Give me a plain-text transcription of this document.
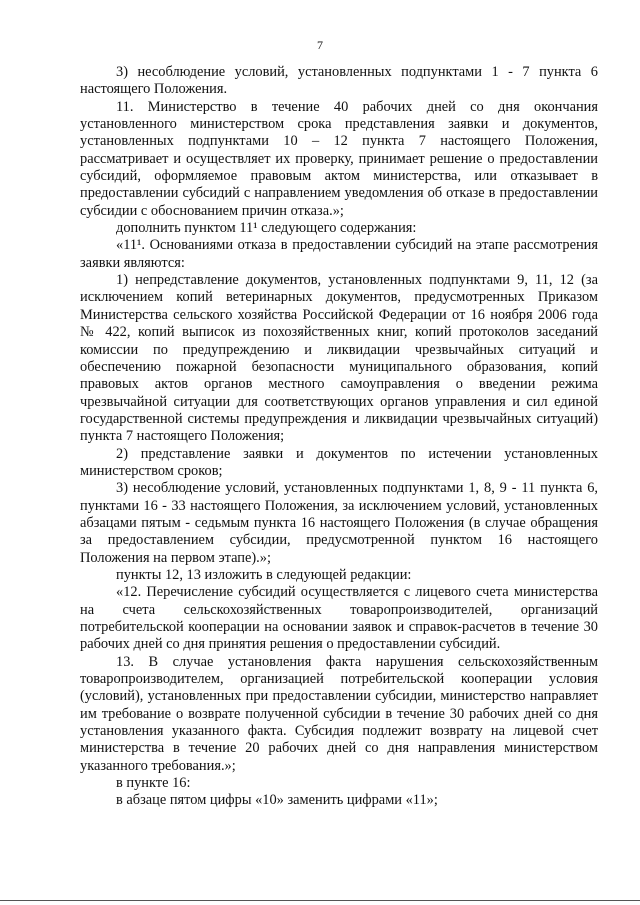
7

3) несоблюдение условий, установленных подпунктами 1 - 7 пункта 6 настоящего Положения.

11. Министерство в течение 40 рабочих дней со дня окончания установленного министерством срока представления заявки и документов, установленных подпунктами 10 – 12 пункта 7 настоящего Положения, рассматривает и осуществляет их проверку, принимает решение о предоставлении субсидий, оформляемое правовым актом министерства, или отказывает в предоставлении субсидий с направлением уведомления об отказе в предоставлении субсидии с обоснованием причин отказа.»;

дополнить пунктом 11¹ следующего содержания:

«11¹. Основаниями отказа в предоставлении субсидий на этапе рассмотрения заявки являются:

1) непредставление документов, установленных подпунктами 9, 11, 12 (за исключением копий ветеринарных документов, предусмотренных Приказом Министерства сельского хозяйства Российской Федерации от 16 ноября 2006 года № 422, копий выписок из похозяйственных книг, копий протоколов заседаний комиссии по предупреждению и ликвидации чрезвычайных ситуаций и обеспечению пожарной безопасности муниципального образования, копий правовых актов органов местного самоуправления о введении режима чрезвычайной ситуации для соответствующих органов управления и сил единой государственной системы предупреждения и ликвидации чрезвычайных ситуаций) пункта 7 настоящего Положения;

2) представление заявки и документов по истечении установленных министерством сроков;

3) несоблюдение условий, установленных подпунктами 1, 8, 9 - 11 пункта 6, пунктами 16 - 33 настоящего Положения, за исключением условий, установленных абзацами пятым - седьмым пункта 16 настоящего Положения (в случае обращения за предоставлением субсидии, предусмотренной пунктом 16 настоящего Положения на первом этапе).»;

пункты 12, 13 изложить в следующей редакции:

«12. Перечисление субсидий осуществляется с лицевого счета министерства на счета сельскохозяйственных товаропроизводителей, организаций потребительской кооперации на основании заявок и справок-расчетов в течение 30 рабочих дней со дня принятия решения о предоставлении субсидий.

13. В случае установления факта нарушения сельскохозяйственным товаропроизводителем, организацией потребительской кооперации условия (условий), установленных при предоставлении субсидии, министерство направляет им требование о возврате полученной субсидии в течение 30 рабочих дней со дня установления указанного факта. Субсидия подлежит возврату на лицевой счет министерства в течение 20 рабочих дней со дня направления министерством указанного требования.»;

в пункте 16:

в абзаце пятом цифры «10» заменить цифрами «11»;
